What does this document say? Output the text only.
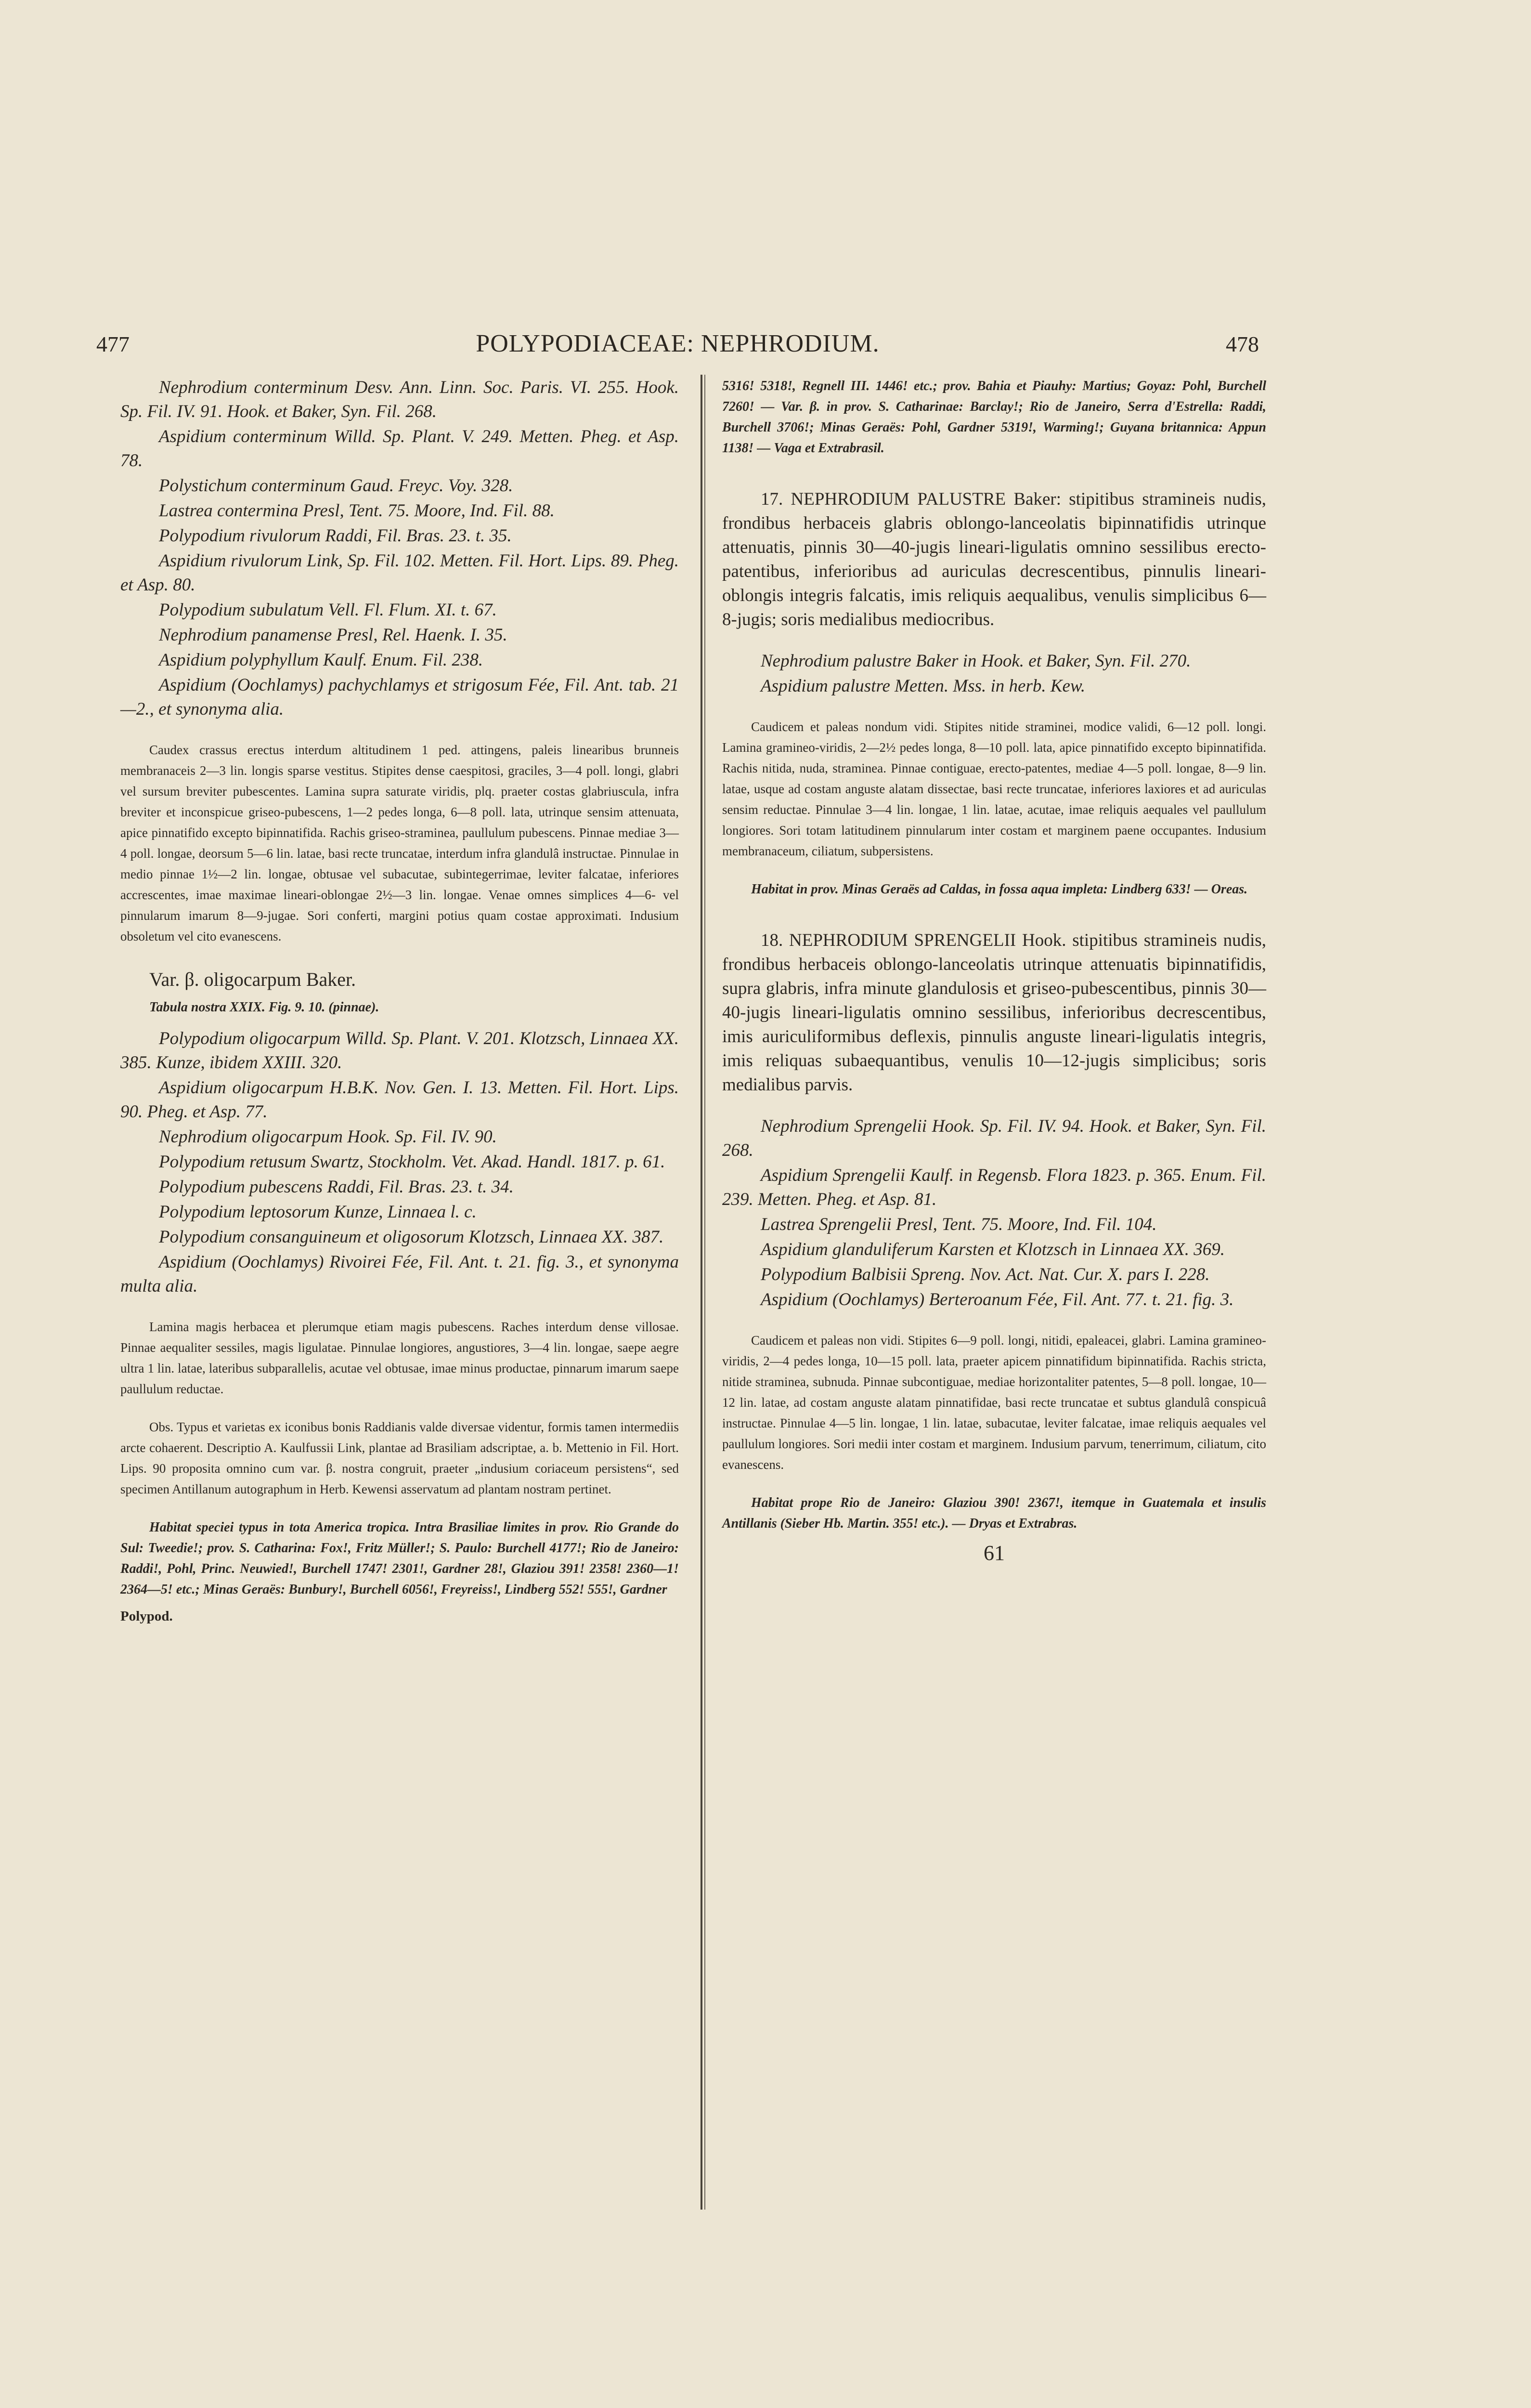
477	POLYPODIACEAE: NEPHRODIUM.	478

Nephrodium conterminum Desv. Ann. Linn. Soc. Paris. VI. 255. Hook. Sp. Fil. IV. 91. Hook. et Baker, Syn. Fil. 268.

Aspidium conterminum Willd. Sp. Plant. V. 249. Metten. Pheg. et Asp. 78.

Polystichum conterminum Gaud. Freyc. Voy. 328.

Lastrea contermina Presl, Tent. 75. Moore, Ind. Fil. 88.

Polypodium rivulorum Raddi, Fil. Bras. 23. t. 35.

Aspidium rivulorum Link, Sp. Fil. 102. Metten. Fil. Hort. Lips. 89. Pheg. et Asp. 80.

Polypodium subulatum Vell. Fl. Flum. XI. t. 67.

Nephrodium panamense Presl, Rel. Haenk. I. 35.

Aspidium polyphyllum Kaulf. Enum. Fil. 238.

Aspidium (Oochlamys) pachychlamys et strigosum Fée, Fil. Ant. tab. 21—2., et synonyma alia.

Caudex crassus erectus interdum altitudinem 1 ped. attingens, paleis linearibus brunneis membranaceis 2—3 lin. longis sparse vestitus. Stipites dense caespitosi, graciles, 3—4 poll. longi, glabri vel sursum breviter pubescentes. Lamina supra saturate viridis, plq. praeter costas glabriuscula, infra breviter et inconspicue griseo-pubescens, 1—2 pedes longa, 6—8 poll. lata, utrinque sensim attenuata, apice pinnatifido excepto bipinnatifida. Rachis griseo-straminea, paullulum pubescens. Pinnae mediae 3—4 poll. longae, deorsum 5—6 lin. latae, basi recte truncatae, interdum infra glandulâ instructae. Pinnulae in medio pinnae 1½—2 lin. longae, obtusae vel subacutae, subintegerrimae, leviter falcatae, inferiores accrescentes, imae maximae lineari-oblongae 2½—3 lin. longae. Venae omnes simplices 4—6- vel pinnularum imarum 8—9-jugae. Sori conferti, margini potius quam costae approximati. Indusium obsoletum vel cito evanescens.

Var. β. oligocarpum Baker.

Tabula nostra XXIX. Fig. 9. 10. (pinnae).

Polypodium oligocarpum Willd. Sp. Plant. V. 201. Klotzsch, Linnaea XX. 385. Kunze, ibidem XXIII. 320.

Aspidium oligocarpum H.B.K. Nov. Gen. I. 13. Metten. Fil. Hort. Lips. 90. Pheg. et Asp. 77.

Nephrodium oligocarpum Hook. Sp. Fil. IV. 90.

Polypodium retusum Swartz, Stockholm. Vet. Akad. Handl. 1817. p. 61.

Polypodium pubescens Raddi, Fil. Bras. 23. t. 34.

Polypodium leptosorum Kunze, Linnaea l. c.

Polypodium consanguineum et oligosorum Klotzsch, Linnaea XX. 387.

Aspidium (Oochlamys) Rivoirei Fée, Fil. Ant. t. 21. fig. 3., et synonyma multa alia.

Lamina magis herbacea et plerumque etiam magis pubescens. Raches interdum dense villosae. Pinnae aequaliter sessiles, magis ligulatae. Pinnulae longiores, angustiores, 3—4 lin. longae, saepe aegre ultra 1 lin. latae, lateribus subparallelis, acutae vel obtusae, imae minus productae, pinnarum imarum saepe paullulum reductae.

Obs. Typus et varietas ex iconibus bonis Raddianis valde diversae videntur, formis tamen intermediis arcte cohaerent. Descriptio A. Kaulfussii Link, plantae ad Brasiliam adscriptae, a. b. Mettenio in Fil. Hort. Lips. 90 proposita omnino cum var. β. nostra congruit, praeter „indusium coriaceum persistens“, sed specimen Antillanum autographum in Herb. Kewensi asservatum ad plantam nostram pertinet.

Habitat speciei typus in tota America tropica. Intra Brasiliae limites in prov. Rio Grande do Sul: Tweedie!; prov. S. Catharina: Fox!, Fritz Müller!; S. Paulo: Burchell 4177!; Rio de Janeiro: Raddi!, Pohl, Princ. Neuwied!, Burchell 1747! 2301!, Gardner 28!, Glaziou 391! 2358! 2360—1! 2364—5! etc.; Minas Geraës: Bunbury!, Burchell 6056!, Freyreiss!, Lindberg 552! 555!, Gardner

Polypod.

5316! 5318!, Regnell III. 1446! etc.; prov. Bahia et Piauhy: Martius; Goyaz: Pohl, Burchell 7260! — Var. β. in prov. S. Catharinae: Barclay!; Rio de Janeiro, Serra d'Estrella: Raddi, Burchell 3706!; Minas Geraës: Pohl, Gardner 5319!, Warming!; Guyana britannica: Appun 1138! — Vaga et Extrabrasil.

17. NEPHRODIUM PALUSTRE Baker: stipitibus stramineis nudis, frondibus herbaceis glabris oblongo-lanceolatis bipinnatifidis utrinque attenuatis, pinnis 30—40-jugis lineari-ligulatis omnino sessilibus erecto-patentibus, inferioribus ad auriculas decrescentibus, pinnulis lineari-oblongis integris falcatis, imis reliquis aequalibus, venulis simplicibus 6—8-jugis; soris medialibus mediocribus.

Nephrodium palustre Baker in Hook. et Baker, Syn. Fil. 270.

Aspidium palustre Metten. Mss. in herb. Kew.

Caudicem et paleas nondum vidi. Stipites nitide straminei, modice validi, 6—12 poll. longi. Lamina gramineo-viridis, 2—2½ pedes longa, 8—10 poll. lata, apice pinnatifido excepto bipinnatifida. Rachis nitida, nuda, straminea. Pinnae contiguae, erecto-patentes, mediae 4—5 poll. longae, 8—9 lin. latae, usque ad costam anguste alatam dissectae, basi recte truncatae, inferiores laxiores et ad auriculas sensim reductae. Pinnulae 3—4 lin. longae, 1 lin. latae, acutae, imae reliquis aequales vel paullulum longiores. Sori totam latitudinem pinnularum inter costam et marginem paene occupantes. Indusium membranaceum, ciliatum, subpersistens.

Habitat in prov. Minas Geraës ad Caldas, in fossa aqua impleta: Lindberg 633! — Oreas.

18. NEPHRODIUM SPRENGELII Hook. stipitibus stramineis nudis, frondibus herbaceis oblongo-lanceolatis utrinque attenuatis bipinnatifidis, supra glabris, infra minute glandulosis et griseo-pubescentibus, pinnis 30—40-jugis lineari-ligulatis omnino sessilibus, inferioribus decrescentibus, imis auriculiformibus deflexis, pinnulis anguste lineari-ligulatis integris, imis reliquas subaequantibus, venulis 10—12-jugis simplicibus; soris medialibus parvis.

Nephrodium Sprengelii Hook. Sp. Fil. IV. 94. Hook. et Baker, Syn. Fil. 268.

Aspidium Sprengelii Kaulf. in Regensb. Flora 1823. p. 365. Enum. Fil. 239. Metten. Pheg. et Asp. 81.

Lastrea Sprengelii Presl, Tent. 75. Moore, Ind. Fil. 104.

Aspidium glanduliferum Karsten et Klotzsch in Linnaea XX. 369.

Polypodium Balbisii Spreng. Nov. Act. Nat. Cur. X. pars I. 228.

Aspidium (Oochlamys) Berteroanum Fée, Fil. Ant. 77. t. 21. fig. 3.

Caudicem et paleas non vidi. Stipites 6—9 poll. longi, nitidi, epaleacei, glabri. Lamina gramineo-viridis, 2—4 pedes longa, 10—15 poll. lata, praeter apicem pinnatifidum bipinnatifida. Rachis stricta, nitide straminea, subnuda. Pinnae subcontiguae, mediae horizontaliter patentes, 5—8 poll. longae, 10—12 lin. latae, ad costam anguste alatam pinnatifidae, basi recte truncatae et subtus glandulâ conspicuâ instructae. Pinnulae 4—5 lin. longae, 1 lin. latae, subacutae, leviter falcatae, imae reliquis aequales vel paullulum longiores. Sori medii inter costam et marginem. Indusium parvum, tenerrimum, ciliatum, cito evanescens.

Habitat prope Rio de Janeiro: Glaziou 390! 2367!, itemque in Guatemala et insulis Antillanis (Sieber Hb. Martin. 355! etc.). — Dryas et Extrabras.

61
